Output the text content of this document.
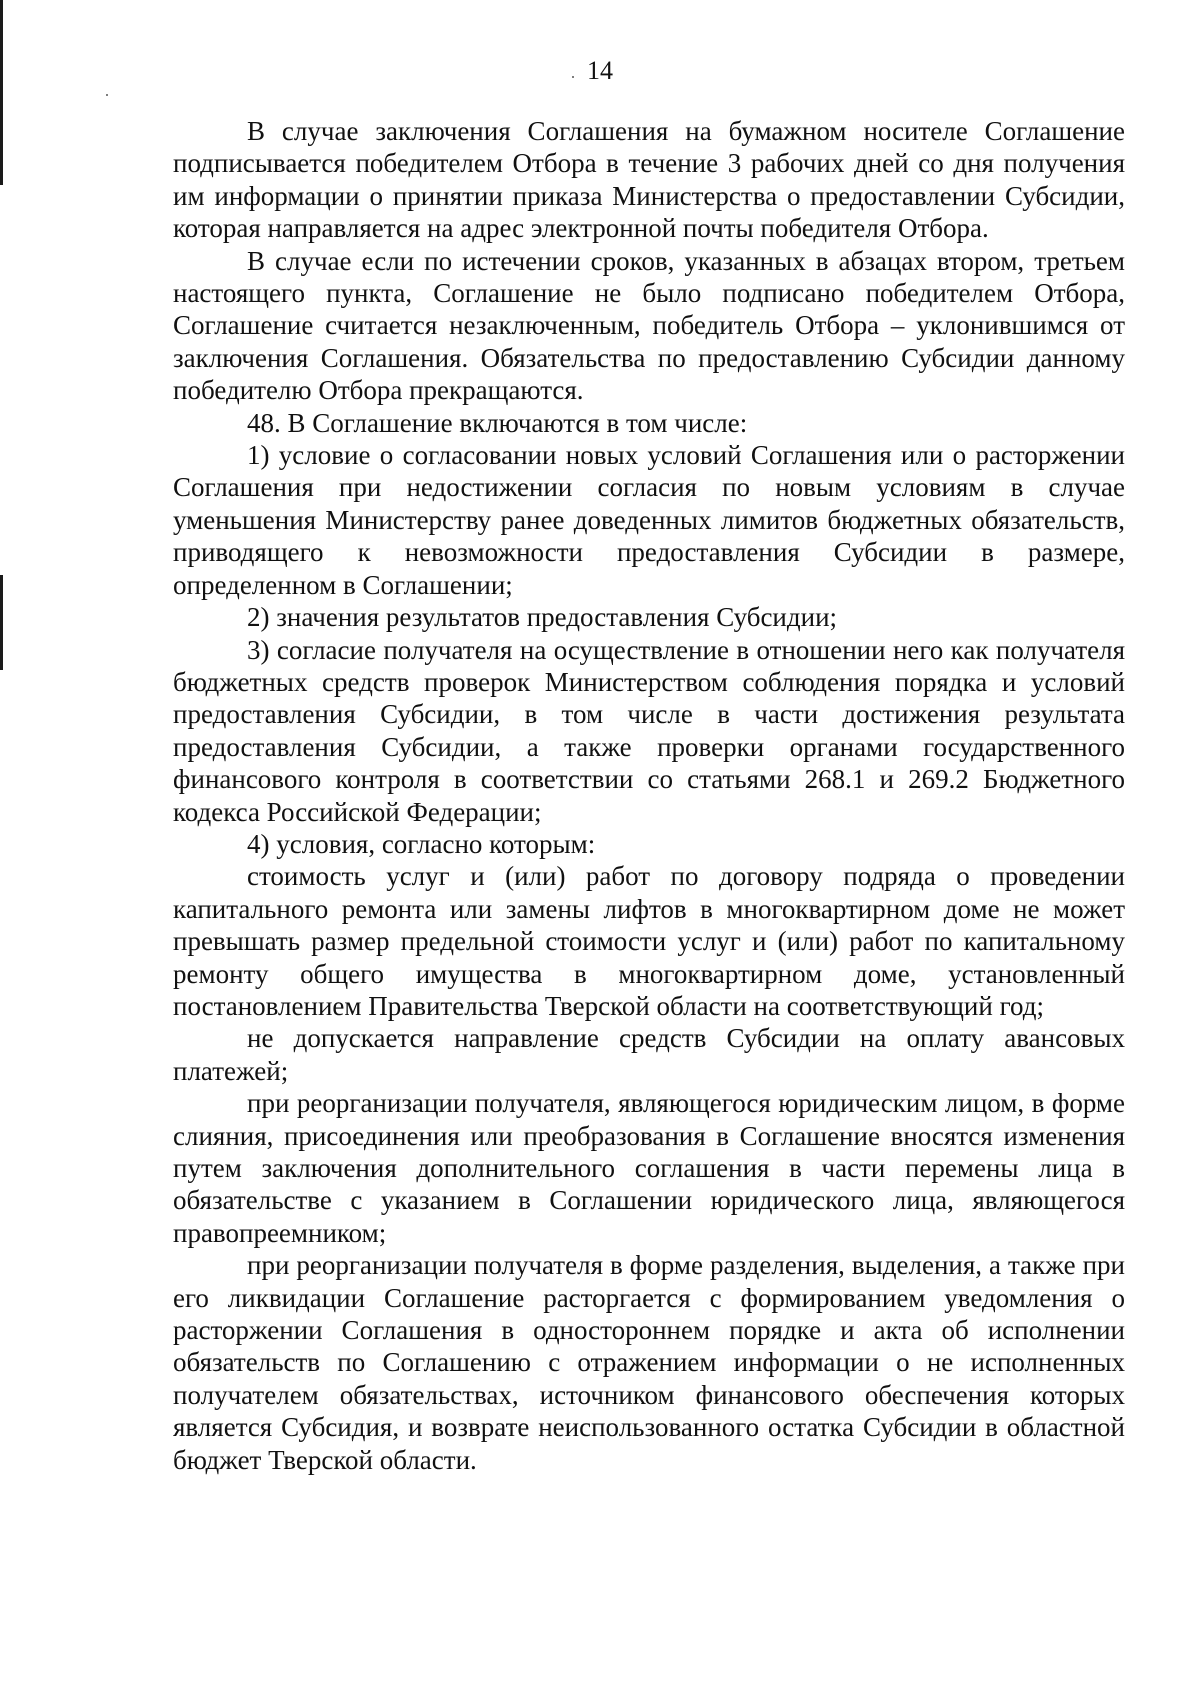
14

В случае заключения Соглашения на бумажном носителе Соглашение подписывается победителем Отбора в течение 3 рабочих дней со дня получения им информации о принятии приказа Министерства о предоставлении Субсидии, которая направляется на адрес электронной почты победителя Отбора.

В случае если по истечении сроков, указанных в абзацах втором, третьем настоящего пункта, Соглашение не было подписано победителем Отбора, Соглашение считается незаключенным, победитель Отбора – уклонившимся от заключения Соглашения. Обязательства по предоставлению Субсидии данному победителю Отбора прекращаются.

48. В Соглашение включаются в том числе:

1) условие о согласовании новых условий Соглашения или о расторжении Соглашения при недостижении согласия по новым условиям в случае уменьшения Министерству ранее доведенных лимитов бюджетных обязательств, приводящего к невозможности предоставления Субсидии в размере, определенном в Соглашении;

2) значения результатов предоставления Субсидии;

3) согласие получателя на осуществление в отношении него как получателя бюджетных средств проверок Министерством соблюдения порядка и условий предоставления Субсидии, в том числе в части достижения результата предоставления Субсидии, а также проверки органами государственного финансового контроля в соответствии со статьями 268.1 и 269.2 Бюджетного кодекса Российской Федерации;

4) условия, согласно которым:

стоимость услуг и (или) работ по договору подряда о проведении капитального ремонта или замены лифтов в многоквартирном доме не может превышать размер предельной стоимости услуг и (или) работ по капитальному ремонту общего имущества в многоквартирном доме, установленный постановлением Правительства Тверской области на соответствующий год;

не допускается направление средств Субсидии на оплату авансовых платежей;

при реорганизации получателя, являющегося юридическим лицом, в форме слияния, присоединения или преобразования в Соглашение вносятся изменения путем заключения дополнительного соглашения в части перемены лица в обязательстве с указанием в Соглашении юридического лица, являющегося правопреемником;

при реорганизации получателя в форме разделения, выделения, а также при его ликвидации Соглашение расторгается с формированием уведомления о расторжении Соглашения в одностороннем порядке и акта об исполнении обязательств по Соглашению с отражением информации о не исполненных получателем обязательствах, источником финансового обеспечения которых является Субсидия, и возврате неиспользованного остатка Субсидии в областной бюджет Тверской области.
